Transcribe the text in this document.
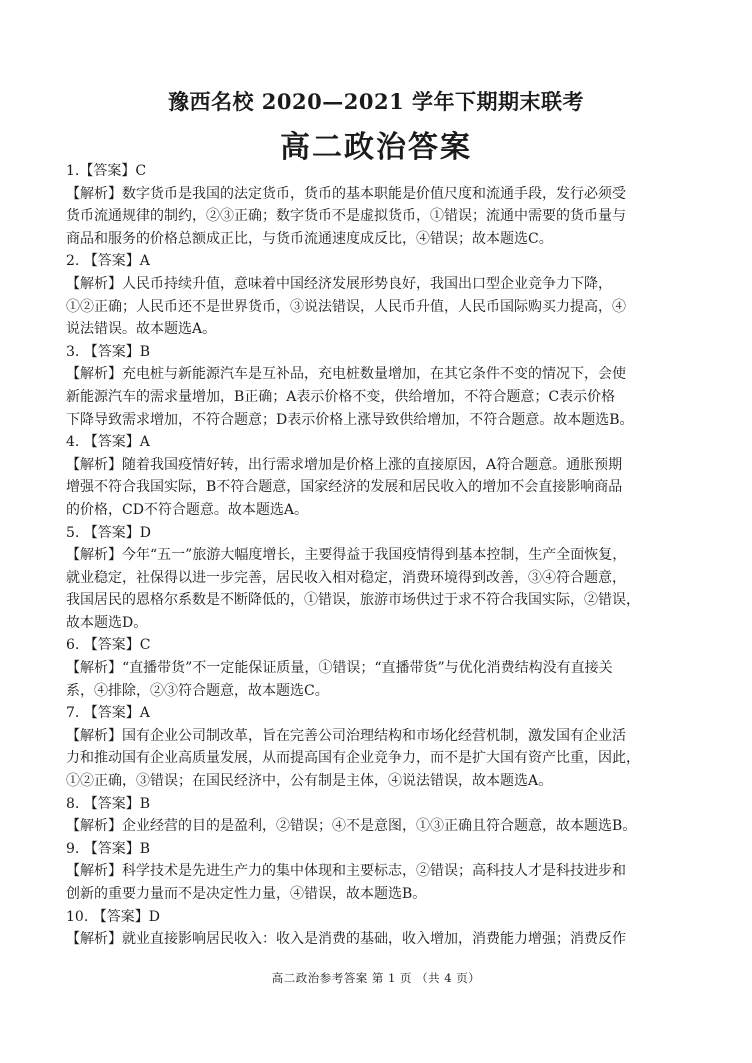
豫西名校 2020—2021 学年下期期末联考
高二政治答案
1.【答案】C
【解析】数字货币是我国的法定货币，货币的基本职能是价值尺度和流通手段，发行必须受
货币流通规律的制约，②③正确；数字货币不是虚拟货币，①错误；流通中需要的货币量与
商品和服务的价格总额成正比，与货币流通速度成反比，④错误；故本题选C。
2. 【答案】A
【解析】人民币持续升值，意味着中国经济发展形势良好，我国出口型企业竞争力下降，
①②正确；人民币还不是世界货币，③说法错误，人民币升值，人民币国际购买力提高，④
说法错误。故本题选A。
3. 【答案】B
【解析】充电桩与新能源汽车是互补品，充电桩数量增加，在其它条件不变的情况下，会使
新能源汽车的需求量增加，B正确；A表示价格不变，供给增加，不符合题意；C表示价格
下降导致需求增加，不符合题意；D表示价格上涨导致供给增加，不符合题意。故本题选B。
4. 【答案】A
【解析】随着我国疫情好转，出行需求增加是价格上涨的直接原因，A符合题意。通胀预期
增强不符合我国实际，B不符合题意，国家经济的发展和居民收入的增加不会直接影响商品
的价格，CD不符合题意。故本题选A。
5. 【答案】D
【解析】今年“五一”旅游大幅度增长，主要得益于我国疫情得到基本控制，生产全面恢复，
就业稳定，社保得以进一步完善，居民收入相对稳定，消费环境得到改善，③④符合题意，
我国居民的恩格尔系数是不断降低的，①错误，旅游市场供过于求不符合我国实际，②错误，
故本题选D。
6. 【答案】C
【解析】“直播带货”不一定能保证质量，①错误；“直播带货”与优化消费结构没有直接关
系，④排除，②③符合题意，故本题选C。
7. 【答案】A
【解析】国有企业公司制改革，旨在完善公司治理结构和市场化经营机制，激发国有企业活
力和推动国有企业高质量发展，从而提高国有企业竞争力，而不是扩大国有资产比重，因此，
①②正确，③错误；在国民经济中，公有制是主体，④说法错误，故本题选A。
8. 【答案】B
【解析】企业经营的目的是盈利，②错误；④不是意图，①③正确且符合题意，故本题选B。
9. 【答案】B
【解析】科学技术是先进生产力的集中体现和主要标志，②错误；高科技人才是科技进步和
创新的重要力量而不是决定性力量，④错误，故本题选B。
10. 【答案】D
【解析】就业直接影响居民收入：收入是消费的基础，收入增加，消费能力增强；消费反作
高二政治参考答案 第 1 页 （共 4 页）
